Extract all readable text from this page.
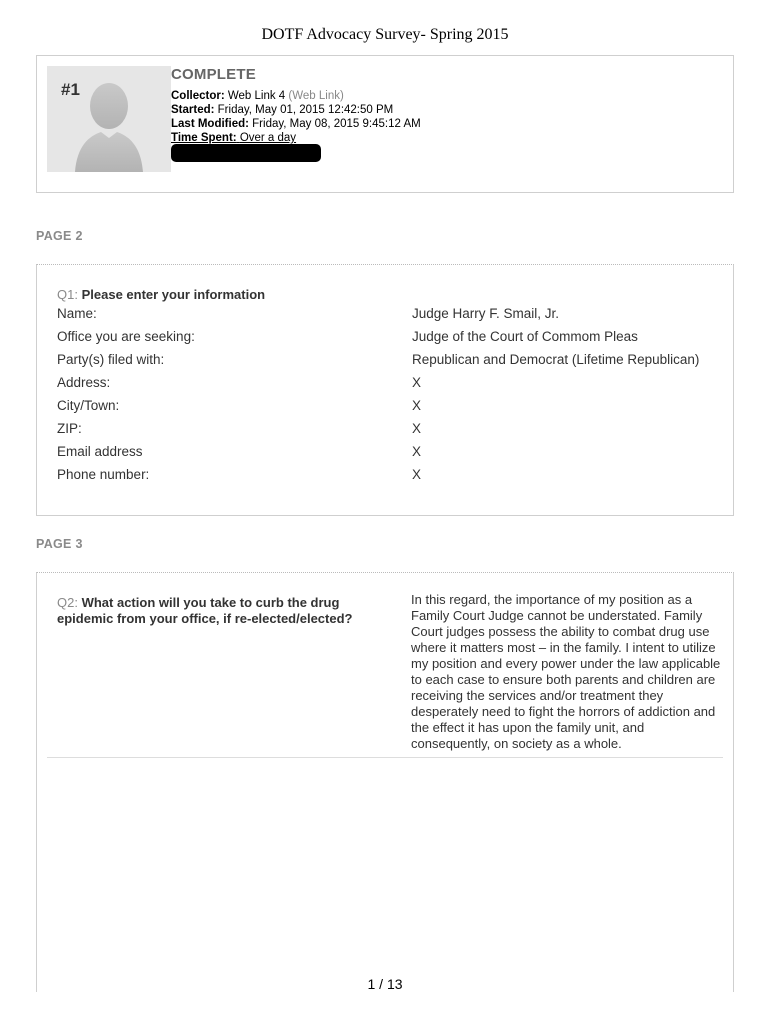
DOTF Advocacy Survey- Spring 2015
#1
COMPLETE
Collector: Web Link 4 (Web Link)
Started: Friday, May 01, 2015 12:42:50 PM
Last Modified: Friday, May 08, 2015 9:45:12 AM
Time Spent: Over a day
PAGE 2
Q1: Please enter your information
Name:	Judge Harry F. Smail, Jr.
Office you are seeking:	Judge of the Court of Commom Pleas
Party(s) filed with:	Republican and Democrat (Lifetime Republican)
Address:	X
City/Town:	X
ZIP:	X
Email address	X
Phone number:	X
PAGE 3
Q2: What action will you take to curb the drug epidemic from your office, if re-elected/elected?
In this regard, the importance of my position as a Family Court Judge cannot be understated. Family Court judges possess the ability to combat drug use where it matters most – in the family. I intent to utilize my position and every power under the law applicable to each case to ensure both parents and children are receiving the services and/or treatment they desperately need to fight the horrors of addiction and the effect it has upon the family unit, and consequently, on society as a whole.
1 / 13
